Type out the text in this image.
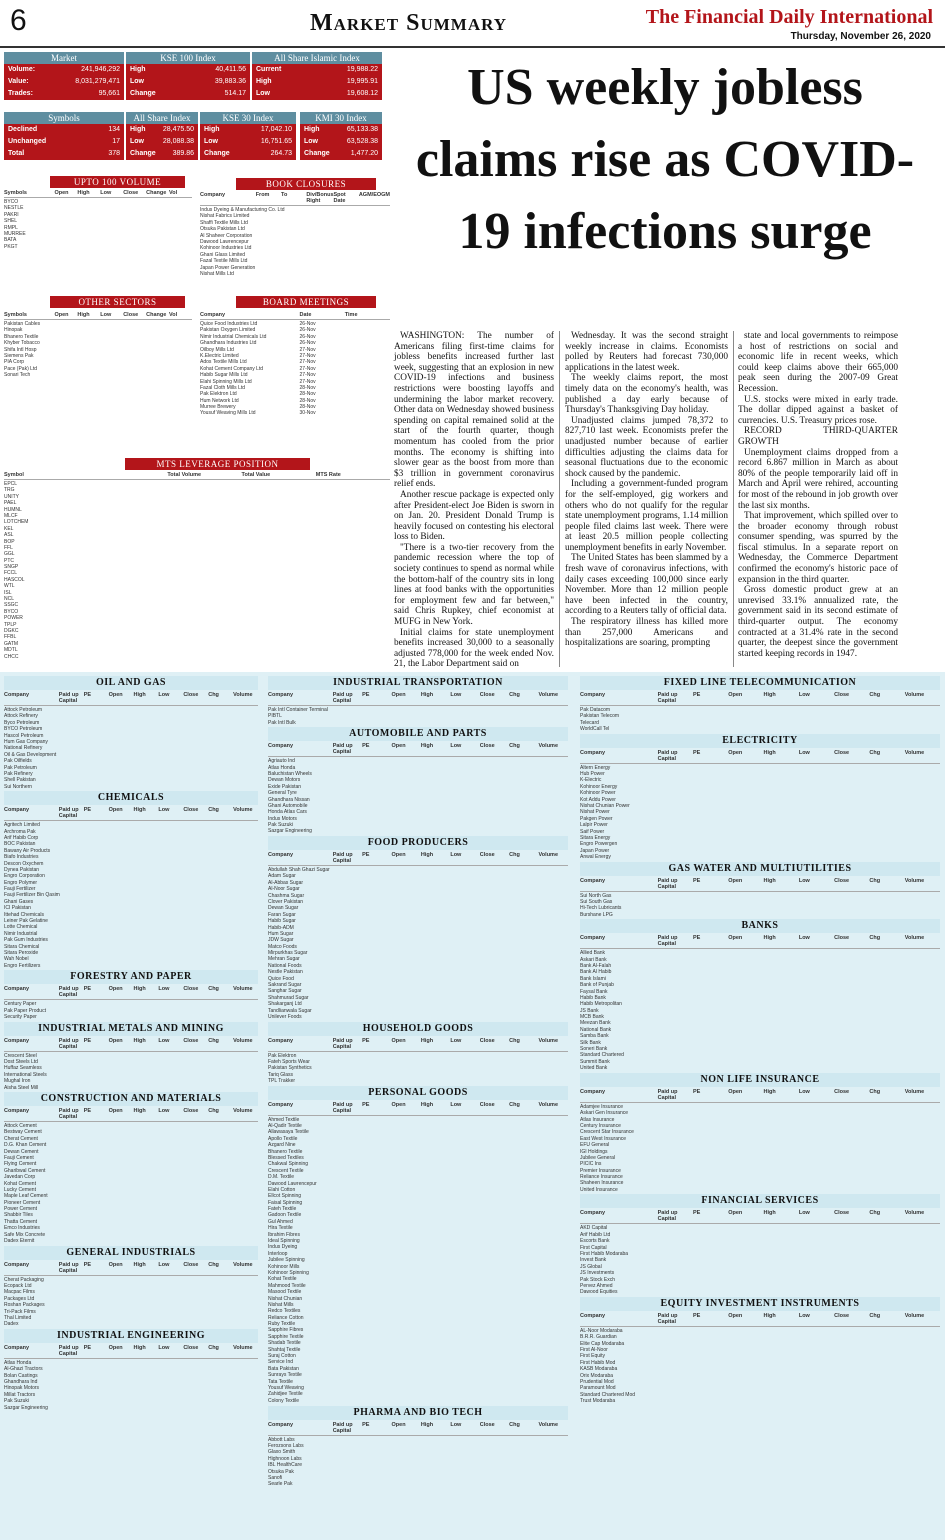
6	Market Summary	The Financial Daily International
Thursday, November 26, 2020
Market
Volume:	241,946,292
Value:	8,031,279,471
Trades:	95,661
KSE 100 Index
High	40,411.56
Low	39,883.36
Change	514.17
All Share Islamic Index
Current	19,988.22
High	19,995.91
Low	19,608.12
Symbols
Declined	134
Unchanged	17
Total	378
All Share Index
High 28,475.50
Low	28,088.38
Change 389.86
KSE 30 Index
High	17,042.10
Low	16,751.65
Change	264.73
KMI 30 Index
High	65,133.38
Low	63,528.38
Change	1,477.20
UPTO 100 VOLUME
OTHER SECTORS
BOOK CLOSURES
BOARD MEETINGS
MTS LEVERAGE POSITION
Symbols	Open	High	Low	Close	Change Vol
BYCO
NESTLE
PAKRI
SHEL
RMPL
MURREE
BATA
PKGT
Symbols	Open	High	Low	Close	Change Vol
Pakistan Cables
Hinopak
Bhanero Textile
Khyber Tobacco
Shifa Intl Hosp
Siemens Pak
PIA Corp
Pace (Pak) Ltd
Sonari Tech
Company	From	To	Div/Bonus Right
Spot Date
AGM/EOGM
Indus Dyeing & Manufacturing Co. Ltd
Nishat Fabrics Limited
Shaffi Textile Mills Ltd
Otsuka Pakistan Ltd
Al Shaheer Corporation
Dawood Lawrencepur
Kohinoor Industries Ltd
Ghani Glass Limited
Fazal Textile Mills Ltd
Japan Power Generation
Nishat Mills Ltd
Company	Date	Time
Quice Food Industries Ltd	26-Nov
Pakistan Oxygen Limited	26-Nov
Nimir Industrial Chemicals Ltd	26-Nov
Ghandhara Industries Ltd	26-Nov
Oilboy Mills Ltd	27-Nov
K.Electric Limited	27-Nov
Ados Textile Mills Ltd	27-Nov
Kohat Cement Company Ltd	27-Nov
Habib Sugar Mills Ltd	27-Nov
Elahi Spinning Mills Ltd	27-Nov
Fazal Cloth Mills Ltd	28-Nov
Pak Elektron Ltd	28-Nov
Hum Network Ltd	28-Nov
Murree Brewery	28-Nov
Yousuf Weaving Mills Ltd	30-Nov
Symbol	Total Volume	Total Value	MTS Rate
EPCL
TRG
UNITY
PAEL
HUMNL
MLCF
LOTCHEM
KEL
ASL
BOP
FFL
GGL
PTC
SNGP
FCCL
HASCOL
WTL
ISL
NCL
SSGC
BYCO
POWER
TPLP
DGKC
FFBL
GATM
MDTL
CHCC
US weekly jobless claims rise as COVID-19 infections surge

WASHINGTON: The number of Americans filing first-time claims for jobless benefits increased further last week, suggesting that an explosion in new COVID-19 infections and business restrictions were boosting layoffs and undermining the labor market recovery. Other data on Wednesday showed business spending on capital remained solid at the start of the fourth quarter, though momentum has cooled from the prior months. The economy is shifting into slower gear as the boost from more than $3 trillion in government coronavirus relief ends.

Another rescue package is expected only after President-elect Joe Biden is sworn in on Jan. 20. President Donald Trump is heavily focused on contesting his electoral loss to Biden.

"There is a two-tier recovery from the pandemic recession where the top of society continues to spend as normal while the bottom-half of the country sits in long lines at food banks with the opportunities for employment few and far between," said Chris Rupkey, chief economist at MUFG in New York.

Initial claims for state unemployment benefits increased 30,000 to a seasonally adjusted 778,000 for the week ended Nov. 21, the Labor Department said on

Wednesday. It was the second straight weekly increase in claims. Economists polled by Reuters had forecast 730,000 applications in the latest week.

The weekly claims report, the most timely data on the economy's health, was published a day early because of Thursday's Thanksgiving Day holiday.

Unadjusted claims jumped 78,372 to 827,710 last week. Economists prefer the unadjusted number because of earlier difficulties adjusting the claims data for seasonal fluctuations due to the economic shock caused by the pandemic.

Including a government-funded program for the self-employed, gig workers and others who do not qualify for the regular state unemployment programs, 1.14 million people filed claims last week. There were at least 20.5 million people collecting unemployment benefits in early November.

The United States has been slammed by a fresh wave of coronavirus infections, with daily cases exceeding 100,000 since early November. More than 12 million people have been infected in the country, according to a Reuters tally of official data.

The respiratory illness has killed more than 257,000 Americans and hospitalizations are soaring, prompting

state and local governments to reimpose a host of restrictions on social and economic life in recent weeks, which could keep claims above their 665,000 peak seen during the 2007-09 Great Recession.

U.S. stocks were mixed in early trade. The dollar dipped against a basket of currencies. U.S. Treasury prices rose.

RECORD THIRD-QUARTER GROWTH

Unemployment claims dropped from a record 6.867 million in March as about 80% of the people temporarily laid off in March and April were rehired, accounting for most of the rebound in job growth over the last six months.

That improvement, which spilled over to the broader economy through robust consumer spending, was spurred by the fiscal stimulus. In a separate report on Wednesday, the Commerce Department confirmed the economy's historic pace of expansion in the third quarter.

Gross domestic product grew at an unrevised 33.1% annualized rate, the government said in its second estimate of third-quarter output. The economy contracted at a 31.4% rate in the second quarter, the deepest since the government started keeping records in 1947.

OIL AND GAS
Company	Paid up Capital
PE	Open	High	Low	Close	Chg	Volume
Attock Petroleum
Attock Refinery
Byco Petroleum
BYCO Petroleum
Hascol Petroleum
Hum Gas Company
National Refinery
Oil & Gas Development
Pak Oilfields
Pak Petroleum
Pak Refinery
Shell Pakistan
Sui Northern
CHEMICALS
Company	Paid up Capital
PE	Open	High	Low	Close	Chg	Volume
Agritech Limited
Archroma Pak
Arif Habib Corp
BOC Pakistan
Bawany Air Products
Biafo Industries
Descon Oxychem
Dynea Pakistan
Engro Corporation
Engro Polymer
Fauji Fertilizer
Fauji Fertilizer Bin Qasim
Ghani Gases
ICI Pakistan
Ittehad Chemicals
Leiner Pak Gelatine
Lotte Chemical
Nimir Industrial
Pak Gum Industries
Sitara Chemical
Sitara Peroxide
Wah Nobel
Engro Fertilizers
FORESTRY AND PAPER
Company	Paid up Capital
PE	Open	High	Low	Close	Chg	Volume
Century Paper
Pak Paper Product
Security Paper
INDUSTRIAL METALS AND MINING
Company	Paid up Capital
PE	Open	High	Low	Close	Chg	Volume
Crescent Steel
Dost Steels Ltd
Huffaz Seamless
International Steels
Mughal Iron
Aisha Steel Mill
CONSTRUCTION AND MATERIALS
Company	Paid up Capital
PE	Open	High	Low	Close	Chg	Volume
Attock Cement
Bestway Cement
Cherat Cement
D.G. Khan Cement
Dewan Cement
Fauji Cement
Flying Cement
Gharibwal Cement
Javedan Corp
Kohat Cement
Lucky Cement
Maple Leaf Cement
Pioneer Cement
Power Cement
Shabbir Tiles
Thatta Cement
Emco Industries
Safe Mix Concrete
Dadex Eternit
GENERAL INDUSTRIALS
Company	Paid up Capital
PE	Open	High	Low	Close	Chg	Volume
Cherat Packaging
Ecopack Ltd
Macpac Films
Packages Ltd
Roshan Packages
Tri-Pack Films
Thal Limited
Dadex
INDUSTRIAL ENGINEERING
Company	Paid up Capital
PE	Open	High	Low	Close	Chg	Volume
Atlas Honda
Al-Ghazi Tractors
Bolan Castings
Ghandhara Ind
Hinopak Motors
Millat Tractors
Pak Suzuki
Sazgar Engineering
INDUSTRIAL TRANSPORTATION
Company	Paid up Capital
PE	Open	High	Low	Close	Chg	Volume
Pak Intl Container Terminal
PIBTL
Pak Intl Bulk
AUTOMOBILE AND PARTS
Company	Paid up Capital
PE	Open	High	Low	Close	Chg	Volume
Agriauto Ind
Atlas Honda
Baluchistan Wheels
Dewan Motors
Exide Pakistan
General Tyre
Ghandhara Nissan
Ghani Automobile
Honda Atlas Cars
Indus Motors
Pak Suzuki
Sazgar Engineering
FOOD PRODUCERS
Company	Paid up Capital
PE	Open	High	Low	Close	Chg	Volume
Abdullah Shah Ghazi Sugar
Adam Sugar
Al-Abbas Sugar
Al-Noor Sugar
Chashma Sugar
Clover Pakistan
Dewan Sugar
Faran Sugar
Habib Sugar
Habib-ADM
Hum Sugar
JDW Sugar
Matco Foods
Mirpurkhas Sugar
Mehran Sugar
National Foods
Nestle Pakistan
Quice Food
Sakrand Sugar
Sanghar Sugar
Shahmurad Sugar
Shakarganj Ltd
Tandlianwala Sugar
Unilever Foods
HOUSEHOLD GOODS
Company	Paid up Capital
PE	Open	High	Low	Close	Chg	Volume
Pak Elektron
Fateh Sports Wear
Pakistan Synthetics
Tariq Glass
TPL Trakker
PERSONAL GOODS
Company	Paid up Capital
PE	Open	High	Low	Close	Chg	Volume
Ahmed Textile
Al-Qadir Textile
Allawasaya Textile
Apollo Textile
Azgard Nine
Bhanero Textile
Blessed Textiles
Chakwal Spinning
Crescent Textile
D.M. Textile
Dawood Lawrencepur
Elahi Cotton
Ellcot Spinning
Faisal Spinning
Fateh Textile
Gadoon Textile
Gul Ahmed
Hira Textile
Ibrahim Fibres
Ideal Spinning
Indus Dyeing
Interloop
Jubilee Spinning
Kohinoor Mills
Kohinoor Spinning
Kohat Textile
Mahmood Textile
Masood Textile
Nishat Chunian
Nishat Mills
Redco Textiles
Reliance Cotton
Ruby Textile
Sapphire Fibres
Sapphire Textile
Shadab Textile
Shahtaj Textile
Suraj Cotton
Service Ind
Bata Pakistan
Sunrays Textile
Tata Textile
Yousuf Weaving
Zahidjee Textile
Colony Textile
PHARMA AND BIO TECH
Company	Paid up Capital
PE	Open	High	Low	Close	Chg	Volume
Abbott Labs
Ferozsons Labs
Glaxo Smith
Highnoon Labs
IBL HealthCare
Otsuka Pak
Sanofi
Searle Pak
FIXED LINE TELECOMMUNICATION
Company	Paid up Capital
PE	Open	High	Low	Close	Chg	Volume
Pak Datacom
Pakistan Telecom
Telecard
WorldCall Tel
ELECTRICITY
Company	Paid up Capital
PE	Open	High	Low	Close	Chg	Volume
Altern Energy
Hub Power
K-Electric
Kohinoor Energy
Kohinoor Power
Kot Addu Power
Nishat Chunian Power
Nishat Power
Pakgen Power
Lalpir Power
Saif Power
Sitara Energy
Engro Powergen
Japan Power
Anwal Energy
GAS WATER AND MULTIUTILITIES
Company	Paid up Capital
PE	Open	High	Low	Close	Chg	Volume
Sui North Gas
Sui South Gas
Hi-Tech Lubricants
Burshane LPG
BANKS
Company	Paid up Capital
PE	Open	High	Low	Close	Chg	Volume
Allied Bank
Askari Bank
Bank Al-Falah
Bank Al Habib
Bank Islami
Bank of Punjab
Faysal Bank
Habib Bank
Habib Metropolitan
JS Bank
MCB Bank
Meezan Bank
National Bank
Samba Bank
Silk Bank
Soneri Bank
Standard Chartered
Summit Bank
United Bank
NON LIFE INSURANCE
Company	Paid up Capital
PE	Open	High	Low	Close	Chg	Volume
Adamjee Insurance
Askari Gen Insurance
Atlas Insurance
Century Insurance
Crescent Star Insurance
East West Insurance
EFU General
IGI Holdings
Jubilee General
PICIC Ins
Premier Insurance
Reliance Insurance
Shaheen Insurance
United Insurance
FINANCIAL SERVICES
Company	Paid up Capital
PE	Open	High	Low	Close	Chg	Volume
AKD Capital
Arif Habib Ltd
Escorts Bank
First Capital
First Habib Modaraba
Invest Bank
JS Global
JS Investments
Pak Stock Exch
Pervez Ahmed
Dawood Equities
EQUITY INVESTMENT INSTRUMENTS
Company	Paid up Capital
PE	Open	High	Low	Close	Chg	Volume
AL-Noor Modaraba
B.R.R. Guardian
Elite Cap Modaraba
First Al-Noor
First Equity
First Habib Mod
KASB Modaraba
Orix Modaraba
Prudential Mod
Paramount Mod
Standard Chartered Mod
Trust Modaraba
